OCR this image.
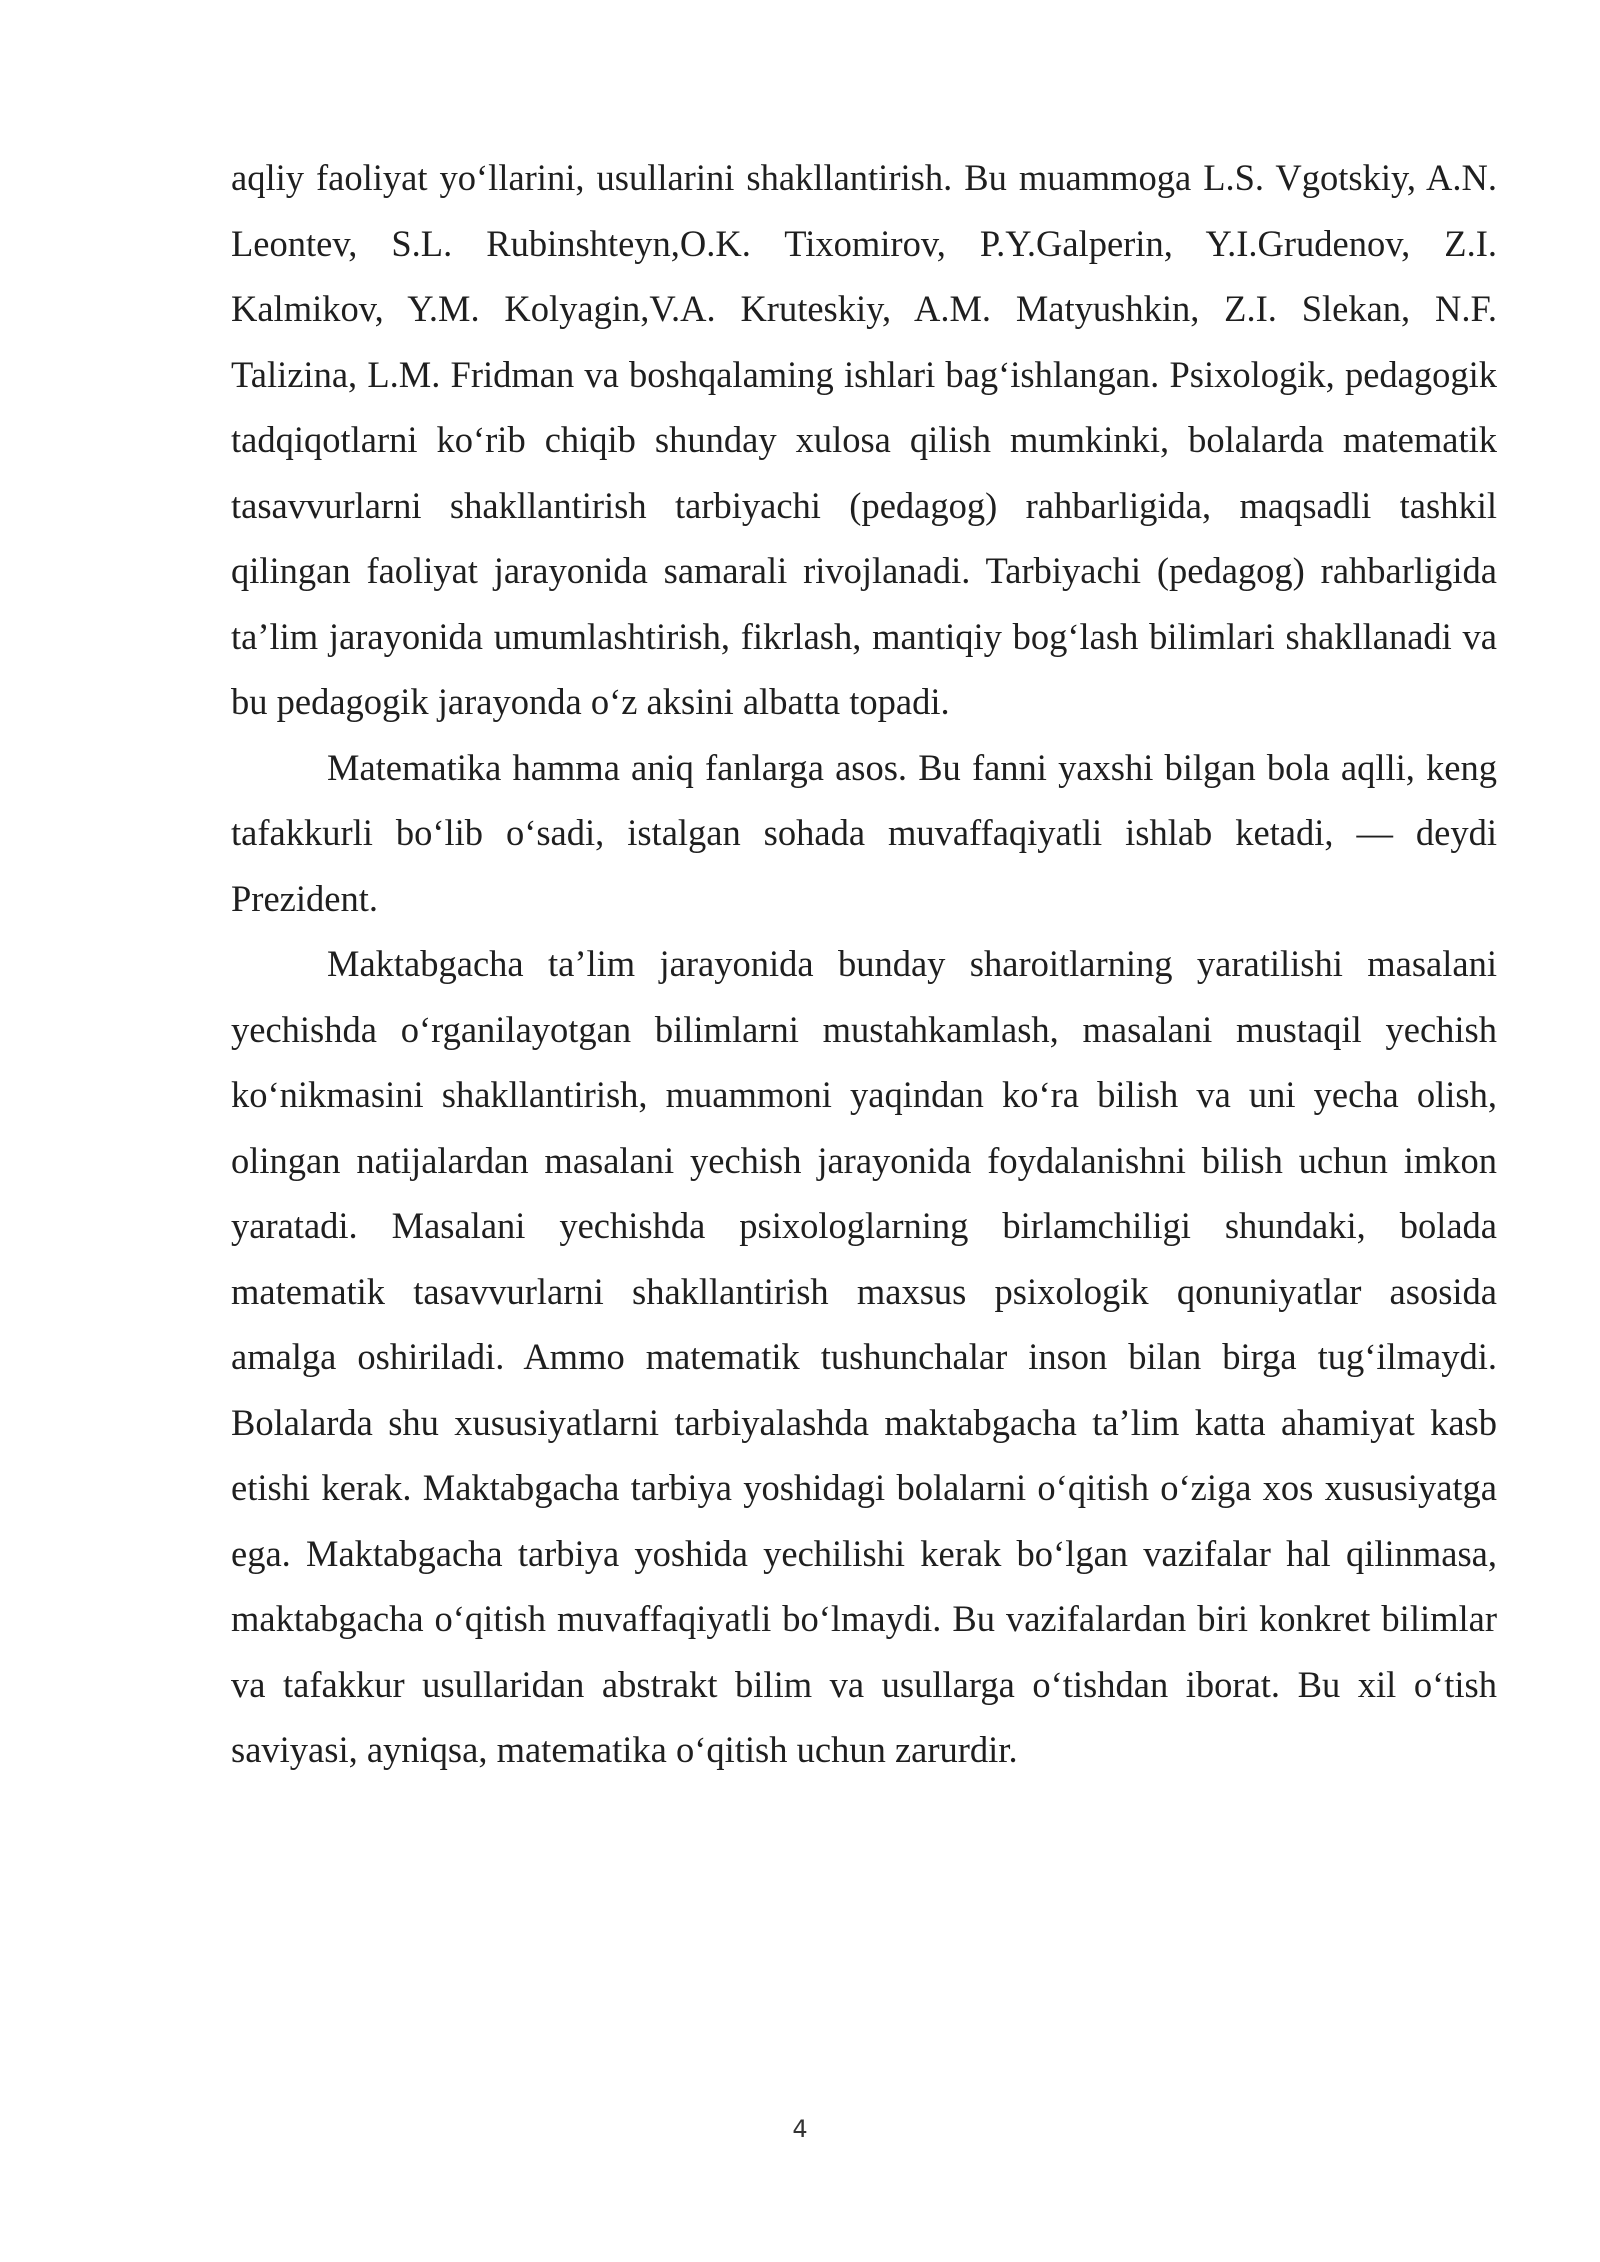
aqliy faoliyat yo‘llarini, usullarini shakllantirish. Bu muammoga L.S. Vgotskiy, A.N. Leontev, S.L. Rubinshteyn,O.K. Tixomirov, P.Y.Galperin, Y.I.Grudenov, Z.I. Kalmikov, Y.M. Kolyagin,V.A. Kruteskiy, A.M. Matyushkin, Z.I. Slekan, N.F. Talizina, L.M. Fridman va boshqalaming ishlari bag‘ishlangan. Psixologik, pedagogik tadqiqotlarni ko‘rib chiqib shunday xulosa qilish mumkinki, bolalarda matematik tasavvurlarni shakllantirish tarbiyachi (pedagog) rahbarligida, maqsadli tashkil qilingan faoliyat jarayonida samarali rivojlanadi. Tarbiyachi (pedagog) rahbarligida ta’lim jarayonida umumlashtirish, fikrlash, mantiqiy bog‘lash bilimlari shakllanadi va bu pedagogik jarayonda o‘z aksini albatta topadi.

Matematika hamma aniq fanlarga asos. Bu fanni yaxshi bilgan bola aqlli, keng tafakkurli bo‘lib o‘sadi, istalgan sohada muvaffaqiyatli ishlab ketadi, — deydi Prezident.

Maktabgacha ta’lim jarayonida bunday sharoitlarning yaratilishi masalani yechishda o‘rganilayotgan bilimlarni mustahkamlash, masalani mustaqil yechish ko‘nikmasini shakllantirish, muammoni yaqindan ko‘ra bilish va uni yecha olish, olingan natijalardan masalani yechish jarayonida foydalanishni bilish uchun imkon yaratadi. Masalani yechishda psixologlarning birlamchiligi shundaki, bolada matematik tasavvurlarni shakllantirish maxsus psixologik qonuniyatlar asosida amalga oshiriladi. Ammo matematik tushunchalar inson bilan birga tug‘ilmaydi. Bolalarda shu xususiyatlarni tarbiyalashda maktabgacha ta’lim katta ahamiyat kasb etishi kerak. Maktabgacha tarbiya yoshidagi bolalarni o‘qitish o‘ziga xos xususiyatga ega. Maktabgacha tarbiya yoshida yechilishi kerak bo‘lgan vazifalar hal qilinmasa, maktabgacha o‘qitish muvaffaqiyatli bo‘lmaydi. Bu vazifalardan biri konkret bilimlar va tafakkur usullaridan abstrakt bilim va usullarga o‘tishdan iborat. Bu xil o‘tish saviyasi, ayniqsa, matematika o‘qitish uchun zarurdir.

4
